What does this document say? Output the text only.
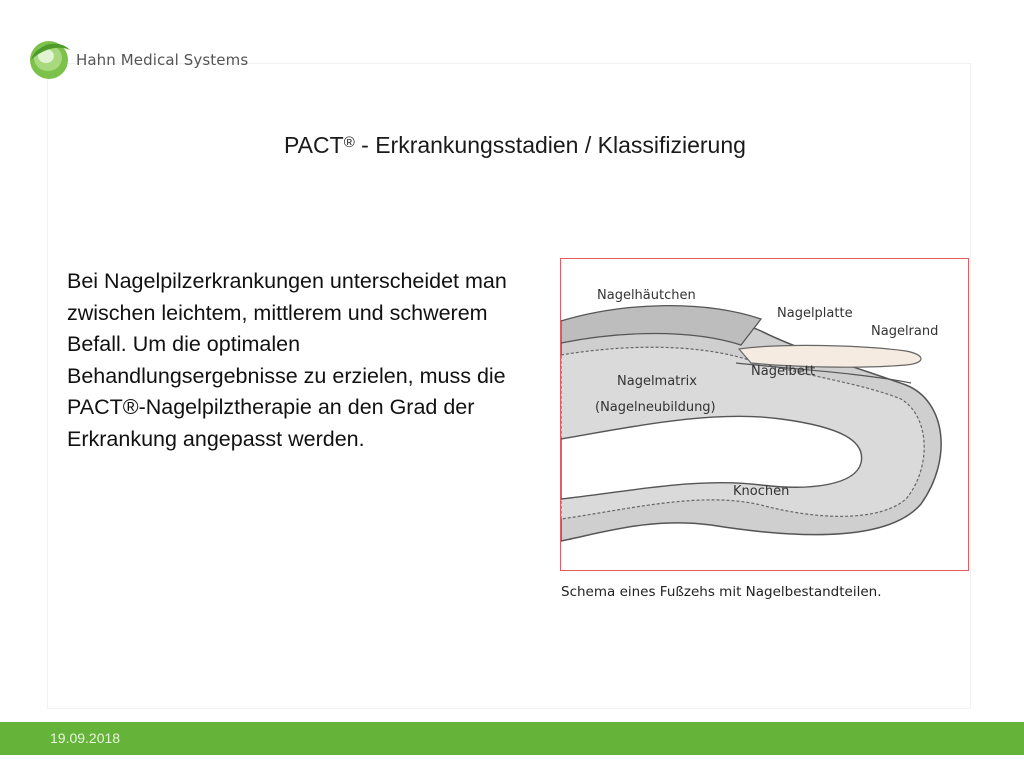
Hahn Medical Systems
PACT® - Erkrankungsstadien / Klassifizierung
Bei Nagelpilzerkrankungen unterscheidet man zwischen leichtem, mittlerem und schwerem Befall. Um die optimalen Behandlungsergebnisse zu erzielen, muss die PACT®-Nagelpilztherapie an den Grad der Erkrankung angepasst werden.
Nagelhäutchen
Nagelplatte
Nagelrand
Nagelbett
Nagelmatrix
(Nagelneubildung)
Knochen
Schema eines Fußzehs mit Nagelbestandteilen.
19.09.2018
